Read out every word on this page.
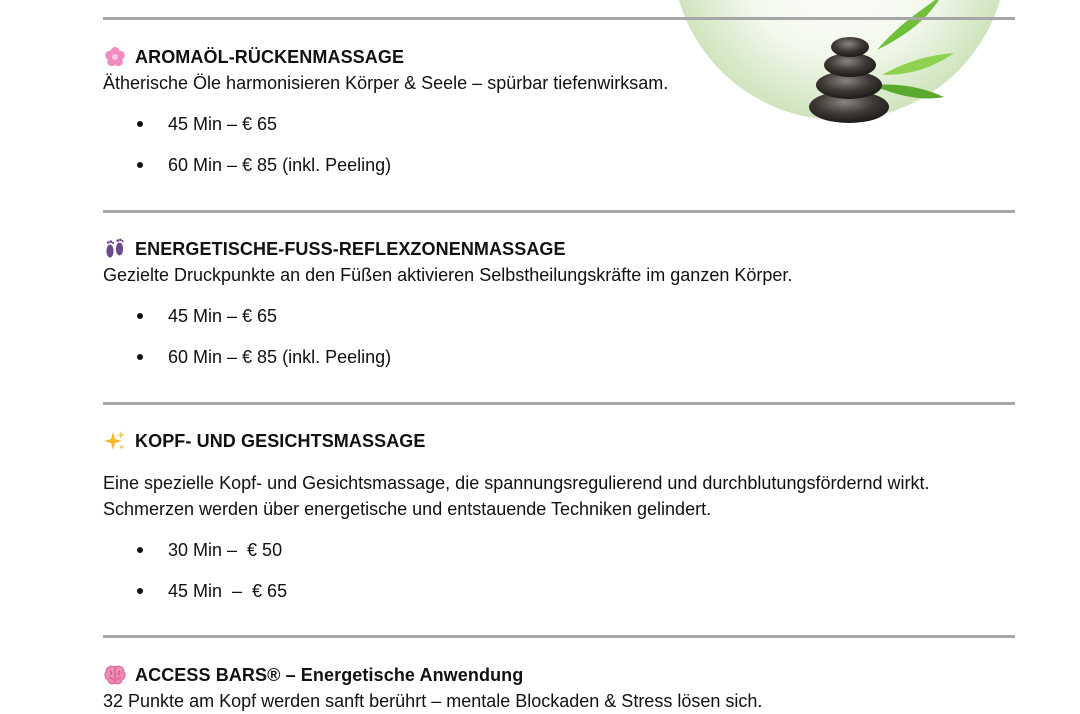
AROMAÖL-RÜCKENMASSAGE
Ätherische Öle harmonisieren Körper & Seele – spürbar tiefenwirksam.
45 Min – € 65
60 Min – € 85 (inkl. Peeling)
ENERGETISCHE-FUSS-REFLEXZONENMASSAGE
Gezielte Druckpunkte an den Füßen aktivieren Selbstheilungskräfte im ganzen Körper.
45 Min – € 65
60 Min – € 85 (inkl. Peeling)
KOPF- UND GESICHTSMASSAGE
Eine spezielle Kopf- und Gesichtsmassage, die spannungsregulierend und durchblutungsfördernd wirkt.
Schmerzen werden über energetische und entstauende Techniken gelindert.
30 Min –  € 50
45 Min  –  € 65
ACCESS BARS® – Energetische Anwendung
32 Punkte am Kopf werden sanft berührt – mentale Blockaden & Stress lösen sich.
